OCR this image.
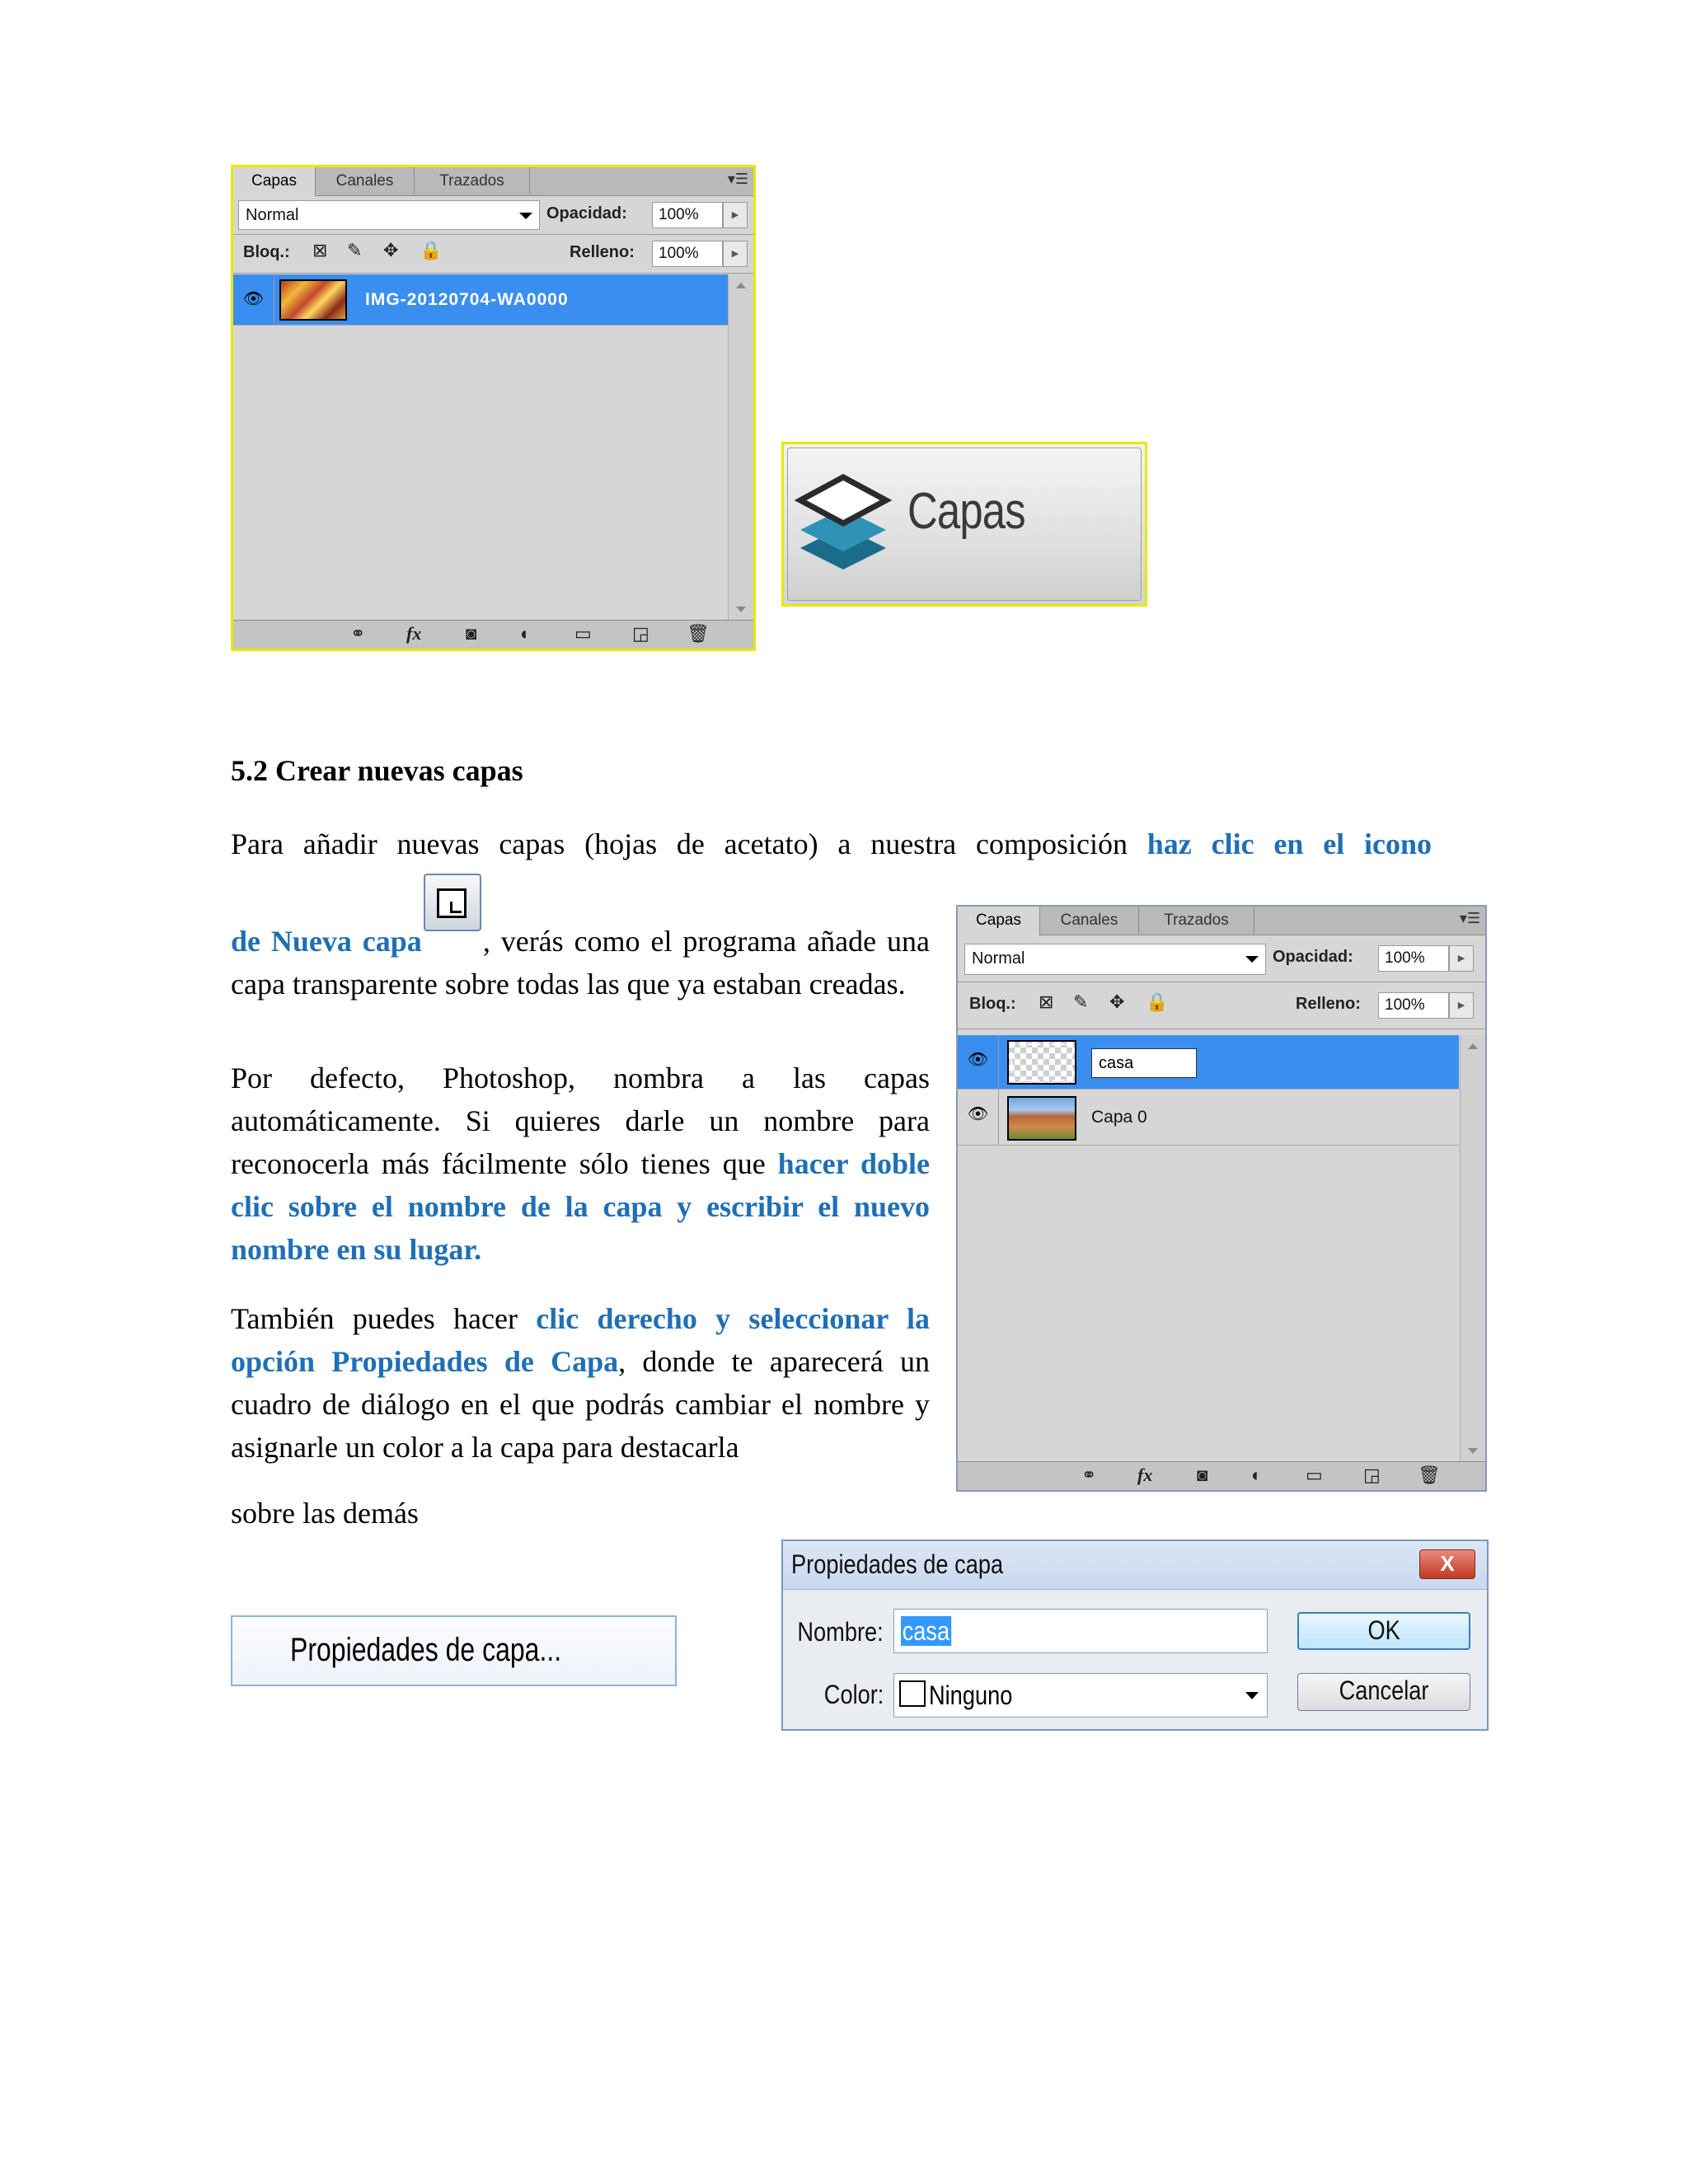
Capas	Canales	Trazados	▾☰
Normal	Opacidad:	100%	▶
Bloq.: ⊠ ✎ ✥ 🔒	Relleno:	100%	▶
👁	IMG-20120704-WA0000
⚭ fx ◙ ◐ ▭ ◲ 🗑
Capas
5.2 Crear nuevas capas
Para añadir nuevas capas (hojas de acetato) a nuestra composición haz clic en el icono
de Nueva capa , verás como el programa añade una capa transparente sobre todas las que ya estaban creadas.
Por defecto, Photoshop, nombra a las capas automáticamente. Si quieres darle un nombre para reconocerla más fácilmente sólo tienes que hacer doble clic sobre el nombre de la capa y escribir el nuevo nombre en su lugar.
También puedes hacer clic derecho y seleccionar la opción Propiedades de Capa, donde te aparecerá un cuadro de diálogo en el que podrás cambiar el nombre y asignarle un color a la capa para destacarla
sobre las demás
Capas	Canales	Trazados	▾☰
Normal	Opacidad:	100%	▶
Bloq.: ⊠ ✎ ✥ 🔒	Relleno:	100%	▶
👁	casa
👁	Capa 0
⚭ fx ◙ ◐ ▭ ◲ 🗑
Propiedades de capa...
Propiedades de capa	X
Nombre: casa	OK
Color: Ninguno	Cancelar
